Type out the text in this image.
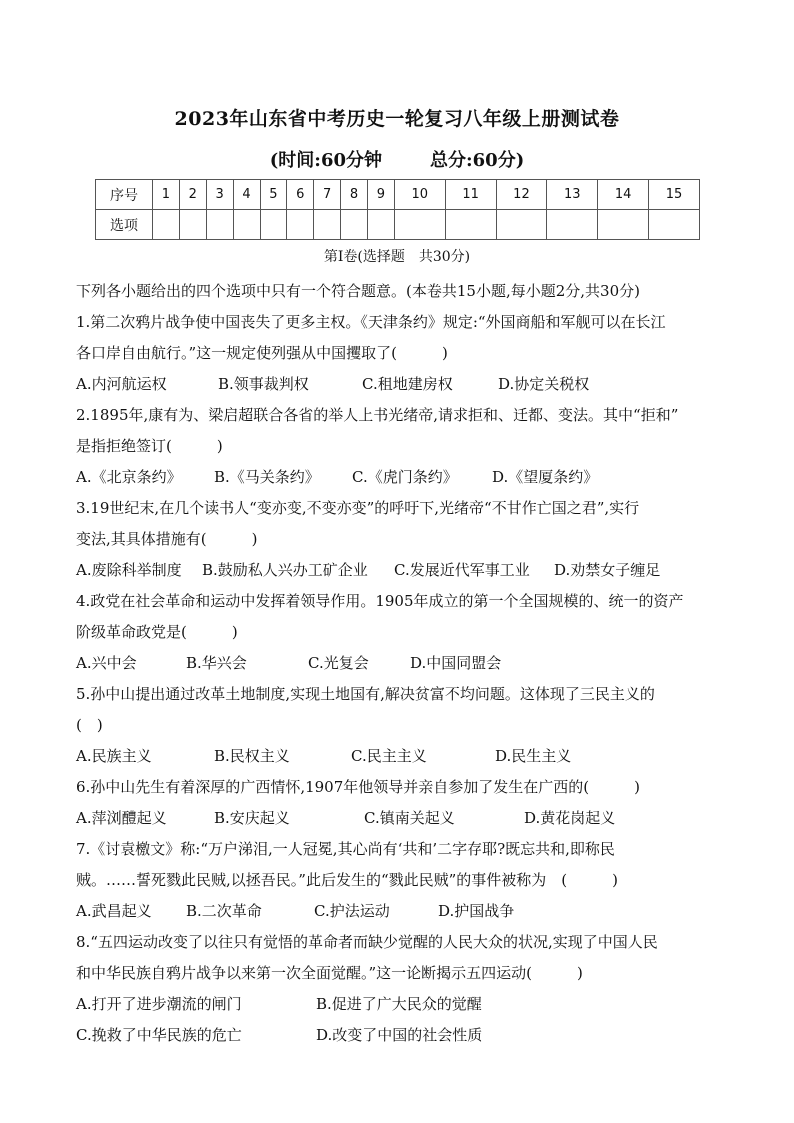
2023年山东省中考历史一轮复习八年级上册测试卷
(时间:60分钟	总分:60分)
序号	1	2	3	4	5	6	7	8	9	10	11	12	13	14	15
选项															
第Ⅰ卷(选择题　共30分)

下列各小题给出的四个选项中只有一个符合题意。(本卷共15小题,每小题2分,共30分)

1.第二次鸦片战争使中国丧失了更多主权。《天津条约》规定:“外国商船和军舰可以在长江

各口岸自由航行。”这一规定使列强从中国攫取了(　　　)

A.内河航运权	B.领事裁判权	C.租地建房权	D.协定关税权

2.1895年,康有为、梁启超联合各省的举人上书光绪帝,请求拒和、迁都、变法。其中“拒和”

是指拒绝签订(　　　)

A.《北京条约》	B.《马关条约》	C.《虎门条约》	D.《望厦条约》

3.19世纪末,在几个读书人“变亦变,不变亦变”的呼吁下,光绪帝“不甘作亡国之君”,实行

变法,其具体措施有(　　　)

A.废除科举制度	B.鼓励私人兴办工矿企业	C.发展近代军事工业	D.劝禁女子缠足

4.政党在社会革命和运动中发挥着领导作用。1905年成立的第一个全国规模的、统一的资产

阶级革命政党是(　　　)

A.兴中会	B.华兴会	C.光复会	D.中国同盟会

5.孙中山提出通过改革土地制度,实现土地国有,解决贫富不均问题。这体现了三民主义的

(　)

A.民族主义	B.民权主义	C.民主主义	D.民生主义

6.孙中山先生有着深厚的广西情怀,1907年他领导并亲自参加了发生在广西的(　　　)

A.萍浏醴起义	B.安庆起义	C.镇南关起义	D.黄花岗起义

7.《讨袁檄文》称:“万户涕泪,一人冠冕,其心尚有‘共和’二字存耶?既忘共和,即称民

贼。……誓死戮此民贼,以拯吾民。”此后发生的“戮此民贼”的事件被称为　(　　　)

A.武昌起义	B.二次革命	C.护法运动	D.护国战争

8.“五四运动改变了以往只有觉悟的革命者而缺少觉醒的人民大众的状况,实现了中国人民

和中华民族自鸦片战争以来第一次全面觉醒。”这一论断揭示五四运动(　　　)

A.打开了进步潮流的闸门	B.促进了广大民众的觉醒
C.挽救了中华民族的危亡	D.改变了中国的社会性质
